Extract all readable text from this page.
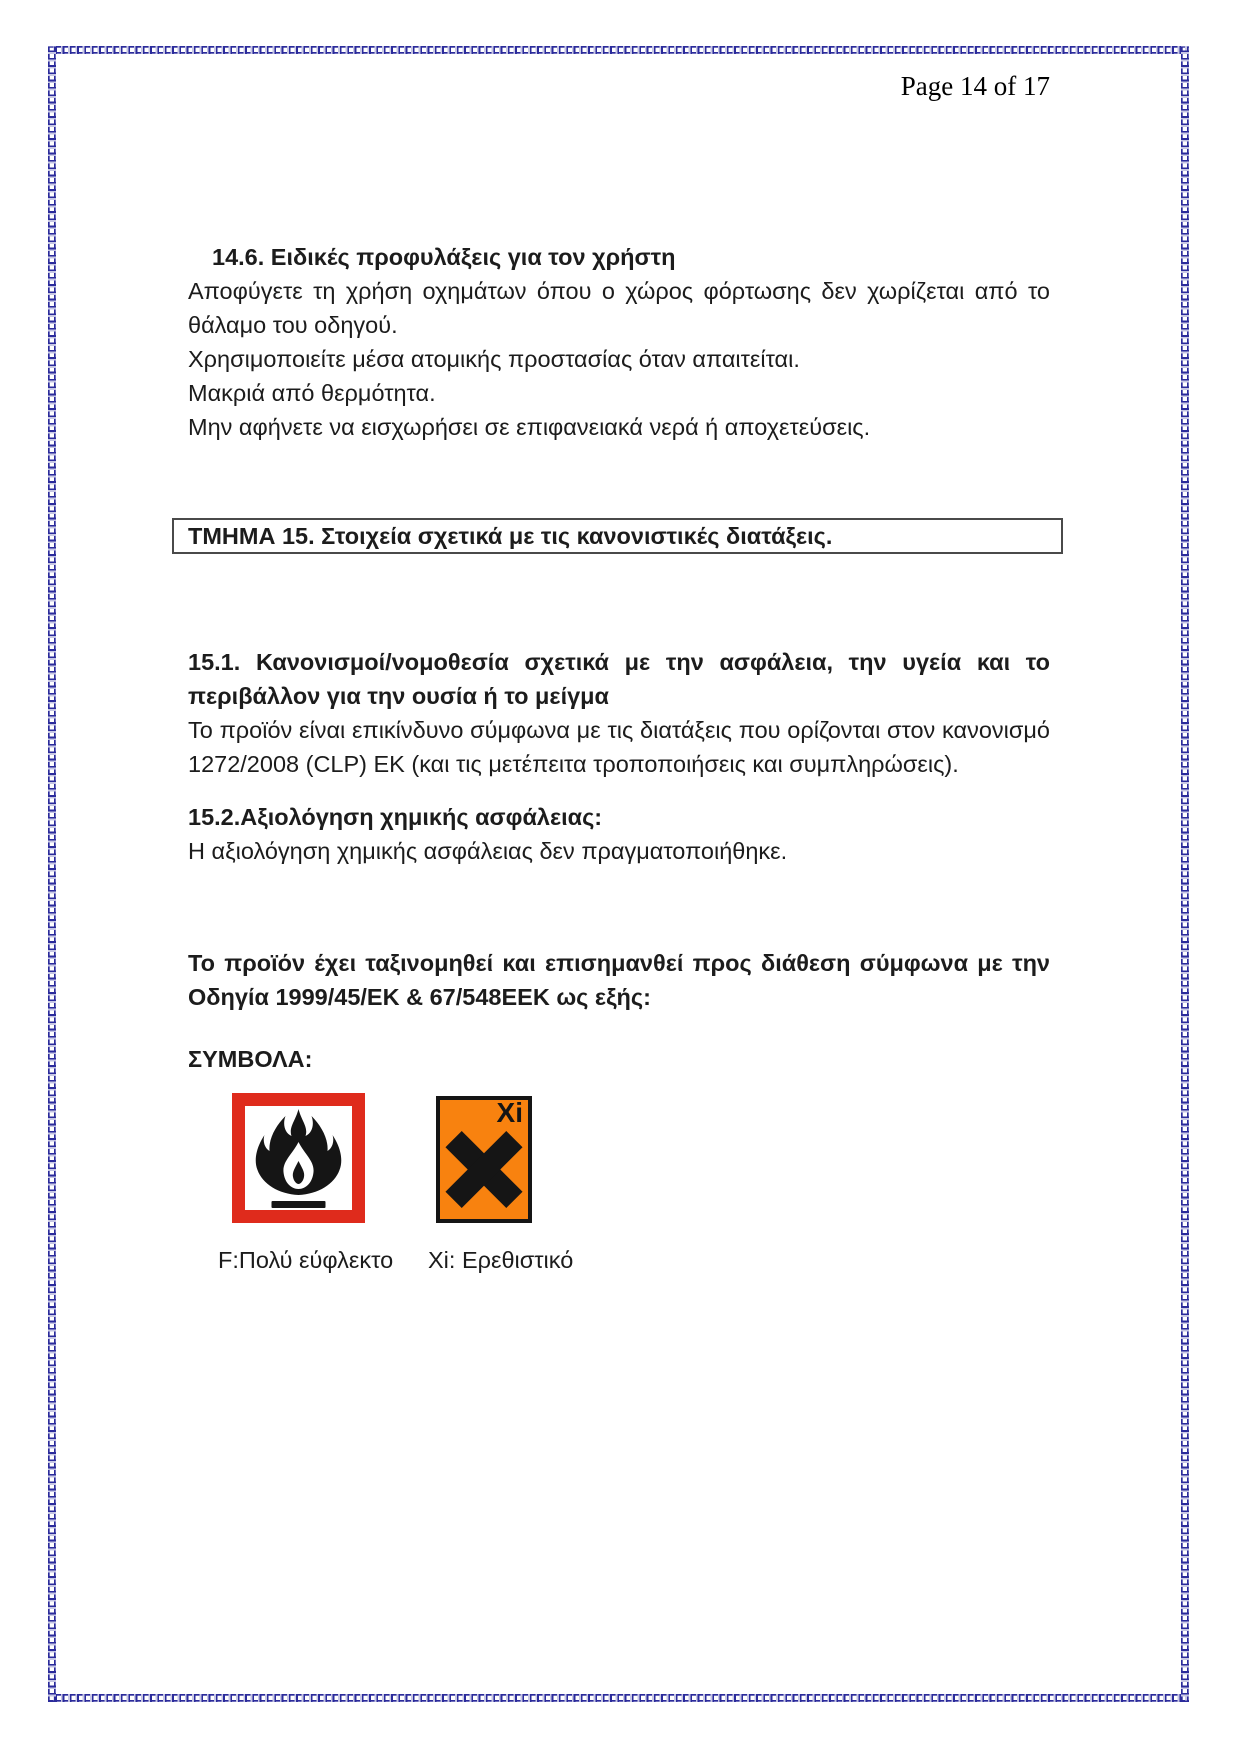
Page 14 of 17
14.6. Ειδικές προφυλάξεις για τον χρήστη
Αποφύγετε τη χρήση οχημάτων όπου ο χώρος φόρτωσης δεν χωρίζεται από το θάλαμο του οδηγού.
Χρησιμοποιείτε μέσα ατομικής προστασίας όταν απαιτείται.
Μακριά από θερμότητα.
Μην αφήνετε να εισχωρήσει σε επιφανειακά νερά ή αποχετεύσεις.
ΤΜΗΜΑ 15. Στοιχεία σχετικά με τις κανονιστικές διατάξεις.
15.1. Κανονισμοί/νομοθεσία σχετικά με την ασφάλεια, την υγεία και το περιβάλλον για την ουσία ή το μείγμα
Το προϊόν είναι επικίνδυνο σύμφωνα με τις διατάξεις που ορίζονται στον κανονισμό 1272/2008 (CLP) ΕΚ (και τις μετέπειτα τροποποιήσεις και συμπληρώσεις).
15.2.Αξιολόγηση χημικής ασφάλειας:
Η αξιολόγηση χημικής ασφάλειας δεν πραγματοποιήθηκε.
Το προϊόν έχει ταξινομηθεί και επισημανθεί προς διάθεση σύμφωνα με την Οδηγία 1999/45/ΕΚ & 67/548ΕΕΚ ως εξής:
ΣΥΜΒΟΛΑ:
Xi
F:Πολύ εύφλεκτο	Xi: Ερεθιστικό
